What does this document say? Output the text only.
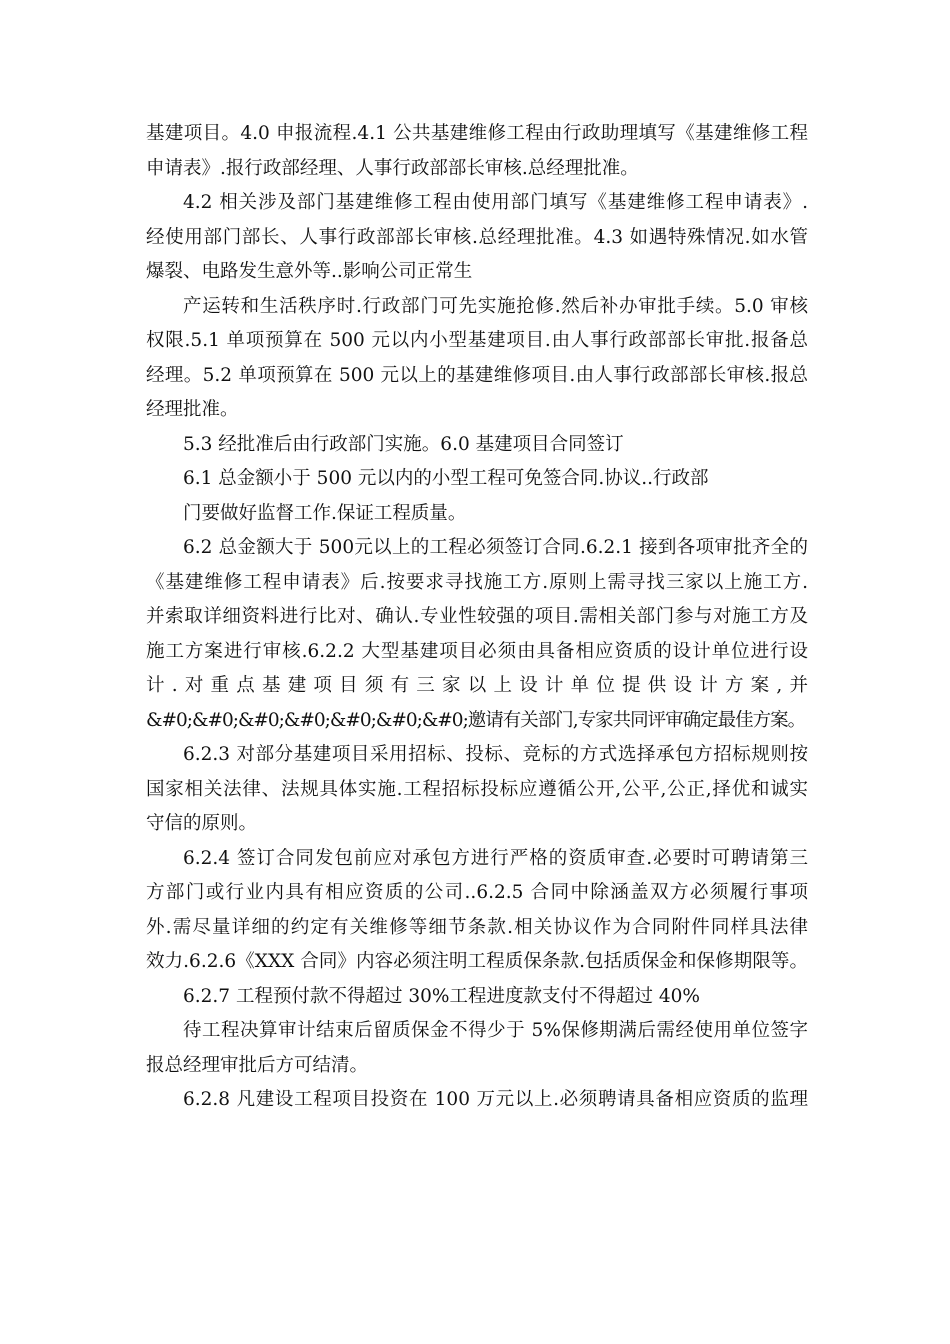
基建项目。4.0 申报流程.4.1 公共基建维修工程由行政助理填写《基建维修工程
申请表》.报行政部经理、人事行政部部长审核.总经理批准。
4.2 相关涉及部门基建维修工程由使用部门填写《基建维修工程申请表》.
经使用部门部长、人事行政部部长审核.总经理批准。4.3 如遇特殊情况.如水管
爆裂、电路发生意外等..影响公司正常生
产运转和生活秩序时.行政部门可先实施抢修.然后补办审批手续。5.0 审核
权限.5.1 单项预算在 500 元以内小型基建项目.由人事行政部部长审批.报备总
经理。5.2 单项预算在 500 元以上的基建维修项目.由人事行政部部长审核.报总
经理批准。
5.3 经批准后由行政部门实施。6.0 基建项目合同签订
6.1 总金额小于 500 元以内的小型工程可免签合同.协议..行政部
门要做好监督工作.保证工程质量。
6.2 总金额大于 500元以上的工程必须签订合同.6.2.1 接到各项审批齐全的
《基建维修工程申请表》后.按要求寻找施工方.原则上需寻找三家以上施工方.
并索取详细资料进行比对、确认.专业性较强的项目.需相关部门参与对施工方及
施工方案进行审核.6.2.2 大型基建项目必须由具备相应资质的设计单位进行设
计.对重点基建项目须有三家以上设计单位提供设计方案,并
&#0;&#0;&#0;&#0;&#0;&#0;&#0;邀请有关部门,专家共同评审确定最佳方案。
6.2.3 对部分基建项目采用招标、投标、竞标的方式选择承包方招标规则按
国家相关法律、法规具体实施.工程招标投标应遵循公开,公平,公正,择优和诚实
守信的原则。
6.2.4 签订合同发包前应对承包方进行严格的资质审查.必要时可聘请第三
方部门或行业内具有相应资质的公司..6.2.5 合同中除涵盖双方必须履行事项
外.需尽量详细的约定有关维修等细节条款.相关协议作为合同附件同样具法律
效力.6.2.6《XXX 合同》内容必须注明工程质保条款.包括质保金和保修期限等。
6.2.7 工程预付款不得超过 30%工程进度款支付不得超过 40%
待工程决算审计结束后留质保金不得少于 5%保修期满后需经使用单位签字
报总经理审批后方可结清。
6.2.8 凡建设工程项目投资在 100 万元以上.必须聘请具备相应资质的监理
